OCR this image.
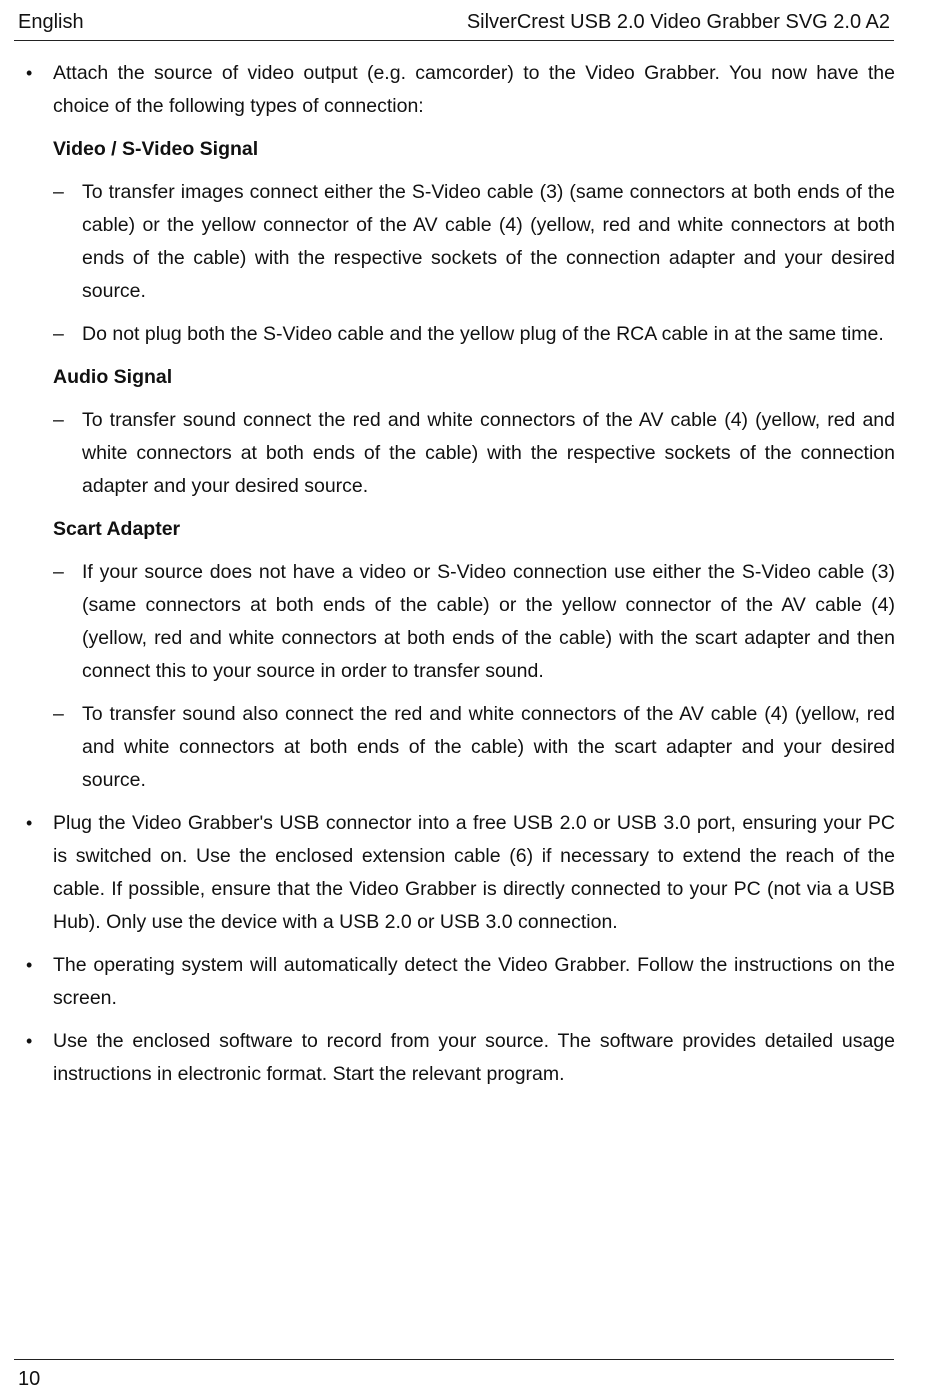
English	SilverCrest USB 2.0 Video Grabber SVG 2.0 A2
• Attach the source of video output (e.g. camcorder) to the Video Grabber. You now have the choice of the following types of connection:
Video / S-Video Signal
– To transfer images connect either the S-Video cable (3) (same connectors at both ends of the cable) or the yellow connector of the AV cable (4) (yellow, red and white connectors at both ends of the cable) with the respective sockets of the connection adapter and your desired source.
– Do not plug both the S-Video cable and the yellow plug of the RCA cable in at the same time.
Audio Signal
– To transfer sound connect the red and white connectors of the AV cable (4) (yellow, red and white connectors at both ends of the cable) with the respective sockets of the connection adapter and your desired source.
Scart Adapter
– If your source does not have a video or S-Video connection use either the S-Video cable (3) (same connectors at both ends of the cable) or the yellow connector of the AV cable (4) (yellow, red and white connectors at both ends of the cable) with the scart adapter and then connect this to your source in order to transfer sound.
– To transfer sound also connect the red and white connectors of the AV cable (4) (yellow, red and white connectors at both ends of the cable) with the scart adapter and your desired source.
• Plug the Video Grabber's USB connector into a free USB 2.0 or USB 3.0 port, ensuring your PC is switched on. Use the enclosed extension cable (6) if necessary to extend the reach of the cable. If possible, ensure that the Video Grabber is directly connected to your PC (not via a USB Hub). Only use the device with a USB 2.0 or USB 3.0 connection.
• The operating system will automatically detect the Video Grabber. Follow the instructions on the screen.
• Use the enclosed software to record from your source. The software provides detailed usage instructions in electronic format. Start the relevant program.
10
